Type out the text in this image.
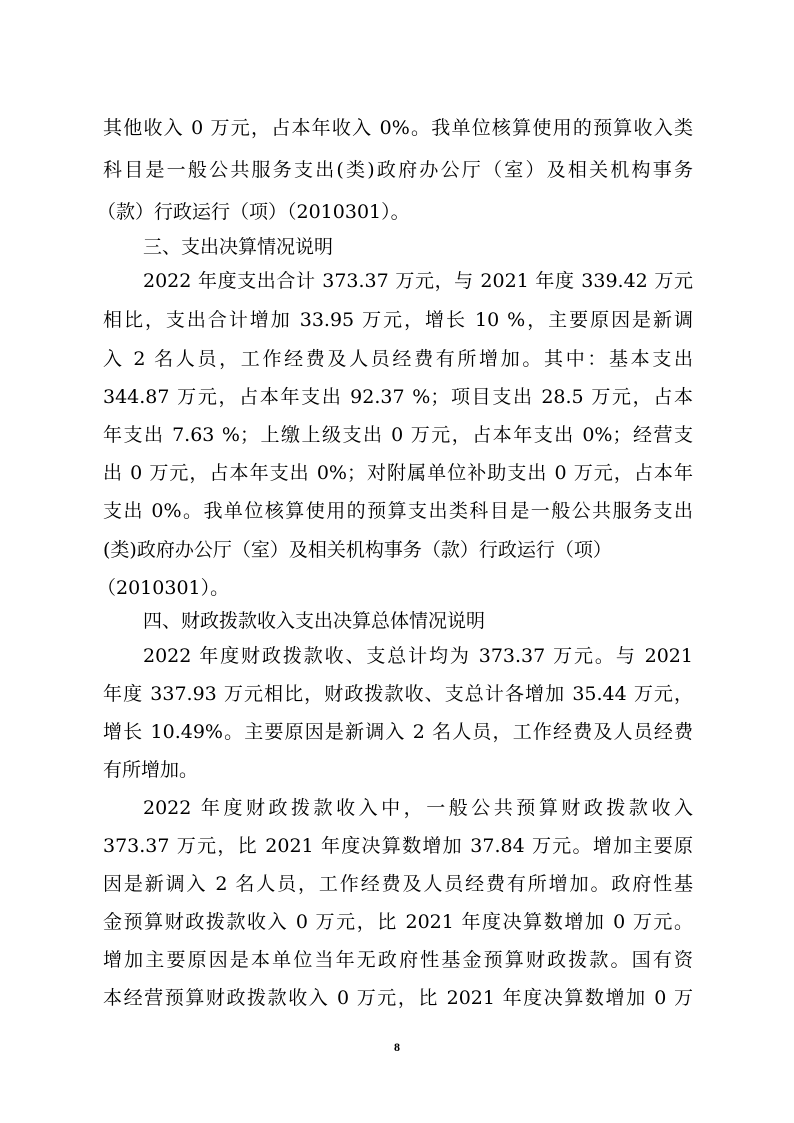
其他收入 0 万元，占本年收入 0%。我单位核算使用的预算收入类
科目是一般公共服务支出(类)政府办公厅（室）及相关机构事务
（款）行政运行（项）（2010301）。
三、支出决算情况说明
2022 年度支出合计 373.37 万元，与 2021 年度 339.42 万元
相比，支出合计增加 33.95 万元，增长 10 %，主要原因是新调
入 2 名人员，工作经费及人员经费有所增加。其中：基本支出
344.87 万元，占本年支出 92.37 %；项目支出 28.5 万元，占本
年支出 7.63 %；上缴上级支出 0 万元，占本年支出 0%；经营支
出 0 万元，占本年支出 0%；对附属单位补助支出 0 万元，占本年
支出 0%。我单位核算使用的预算支出类科目是一般公共服务支出
(类)政府办公厅（室）及相关机构事务（款）行政运行（项）
（2010301）。
四、财政拨款收入支出决算总体情况说明
2022 年度财政拨款收、支总计均为 373.37 万元。与 2021
年度 337.93 万元相比，财政拨款收、支总计各增加 35.44 万元，
增长 10.49%。主要原因是新调入 2 名人员，工作经费及人员经费
有所增加。
2022 年度财政拨款收入中，一般公共预算财政拨款收入
373.37 万元，比 2021 年度决算数增加 37.84 万元。增加主要原
因是新调入 2 名人员，工作经费及人员经费有所增加。政府性基
金预算财政拨款收入 0 万元，比 2021 年度决算数增加 0 万元。
增加主要原因是本单位当年无政府性基金预算财政拨款。国有资
本经营预算财政拨款收入 0 万元，比 2021 年度决算数增加 0 万
8
